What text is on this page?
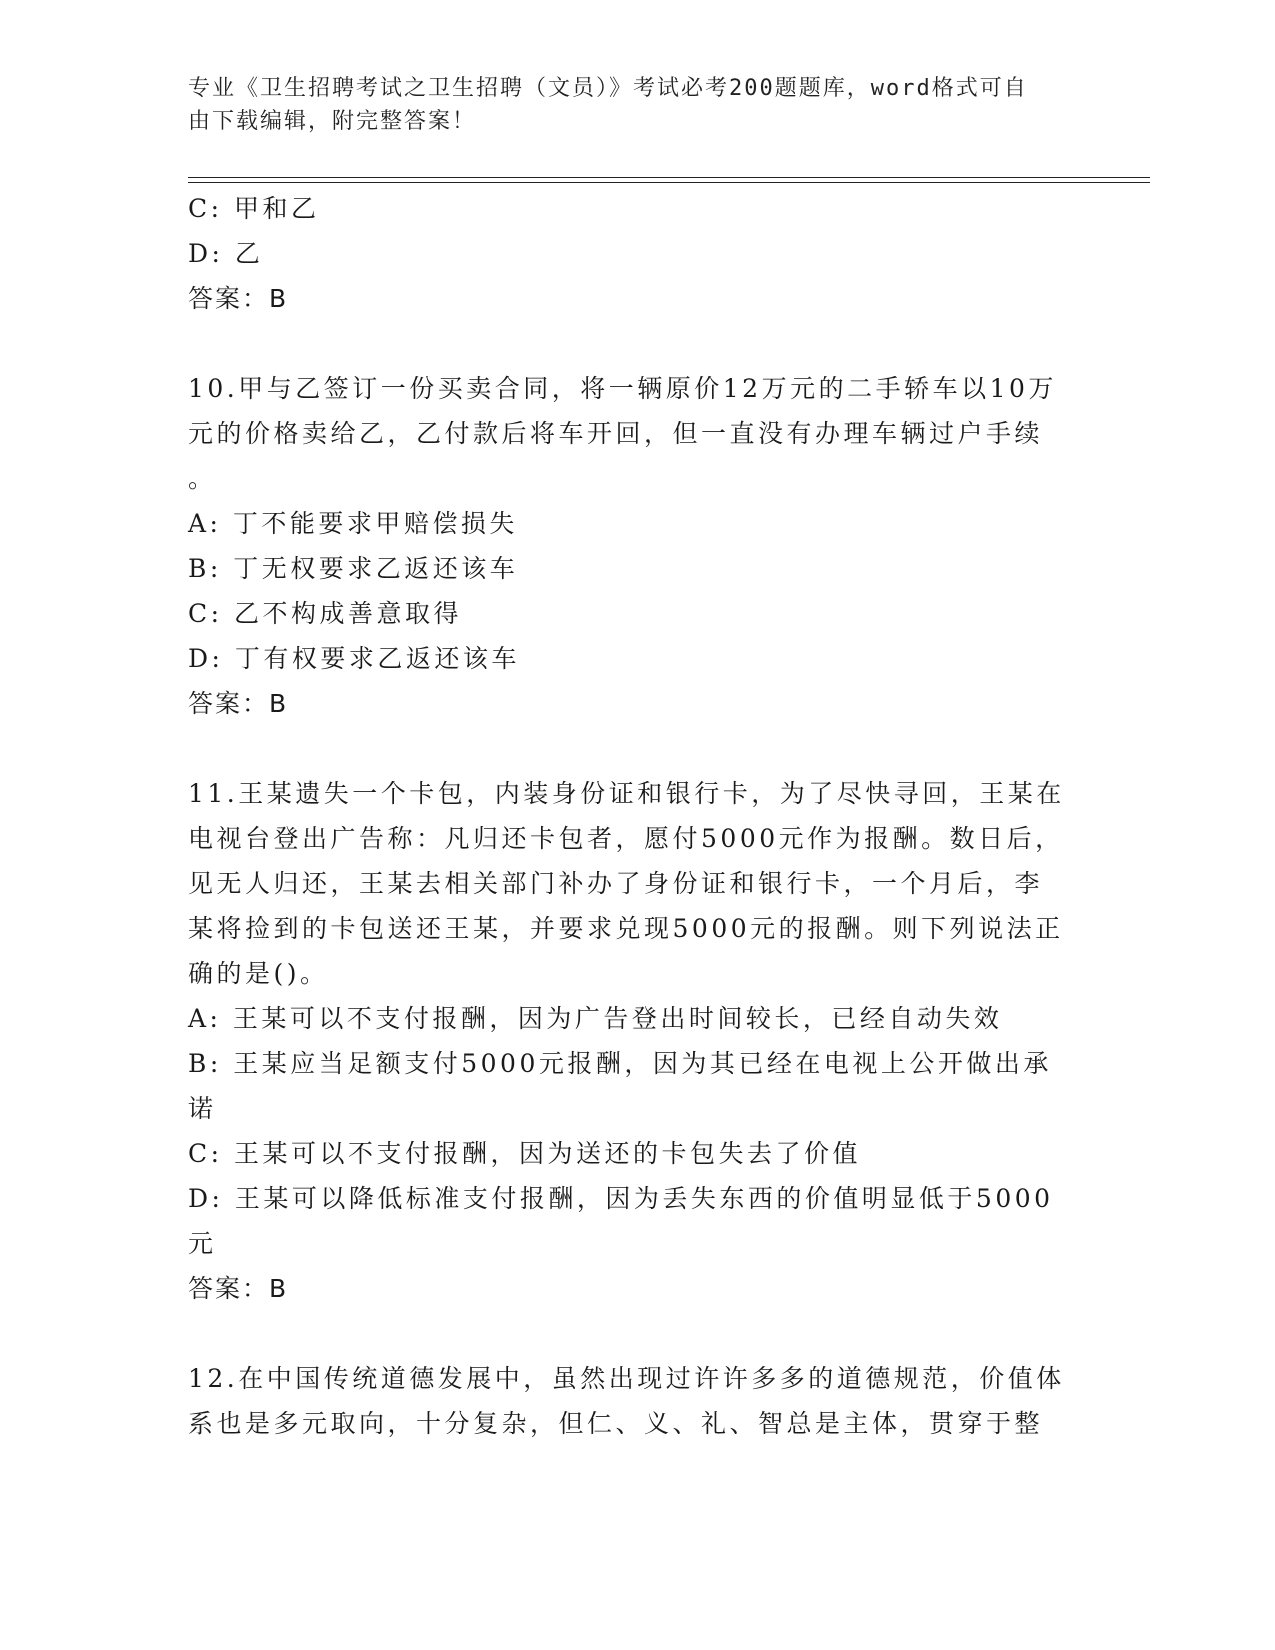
专业《卫生招聘考试之卫生招聘（文员）》考试必考200题题库，word格式可自
由下载编辑，附完整答案！
C: 甲和乙
D: 乙
答案：B
10.甲与乙签订一份买卖合同，将一辆原价12万元的二手轿车以10万
元的价格卖给乙，乙付款后将车开回，但一直没有办理车辆过户手续
。
A: 丁不能要求甲赔偿损失
B: 丁无权要求乙返还该车
C: 乙不构成善意取得
D: 丁有权要求乙返还该车
答案：B
11.王某遗失一个卡包，内装身份证和银行卡，为了尽快寻回，王某在
电视台登出广告称：凡归还卡包者，愿付5000元作为报酬。数日后，
见无人归还，王某去相关部门补办了身份证和银行卡，一个月后，李
某将捡到的卡包送还王某，并要求兑现5000元的报酬。则下列说法正
确的是()。
A: 王某可以不支付报酬，因为广告登出时间较长，已经自动失效
B: 王某应当足额支付5000元报酬，因为其已经在电视上公开做出承
诺
C: 王某可以不支付报酬，因为送还的卡包失去了价值
D: 王某可以降低标准支付报酬，因为丢失东西的价值明显低于5000
元
答案：B
12.在中国传统道德发展中，虽然出现过许许多多的道德规范，价值体
系也是多元取向，十分复杂，但仁、义、礼、智总是主体，贯穿于整
